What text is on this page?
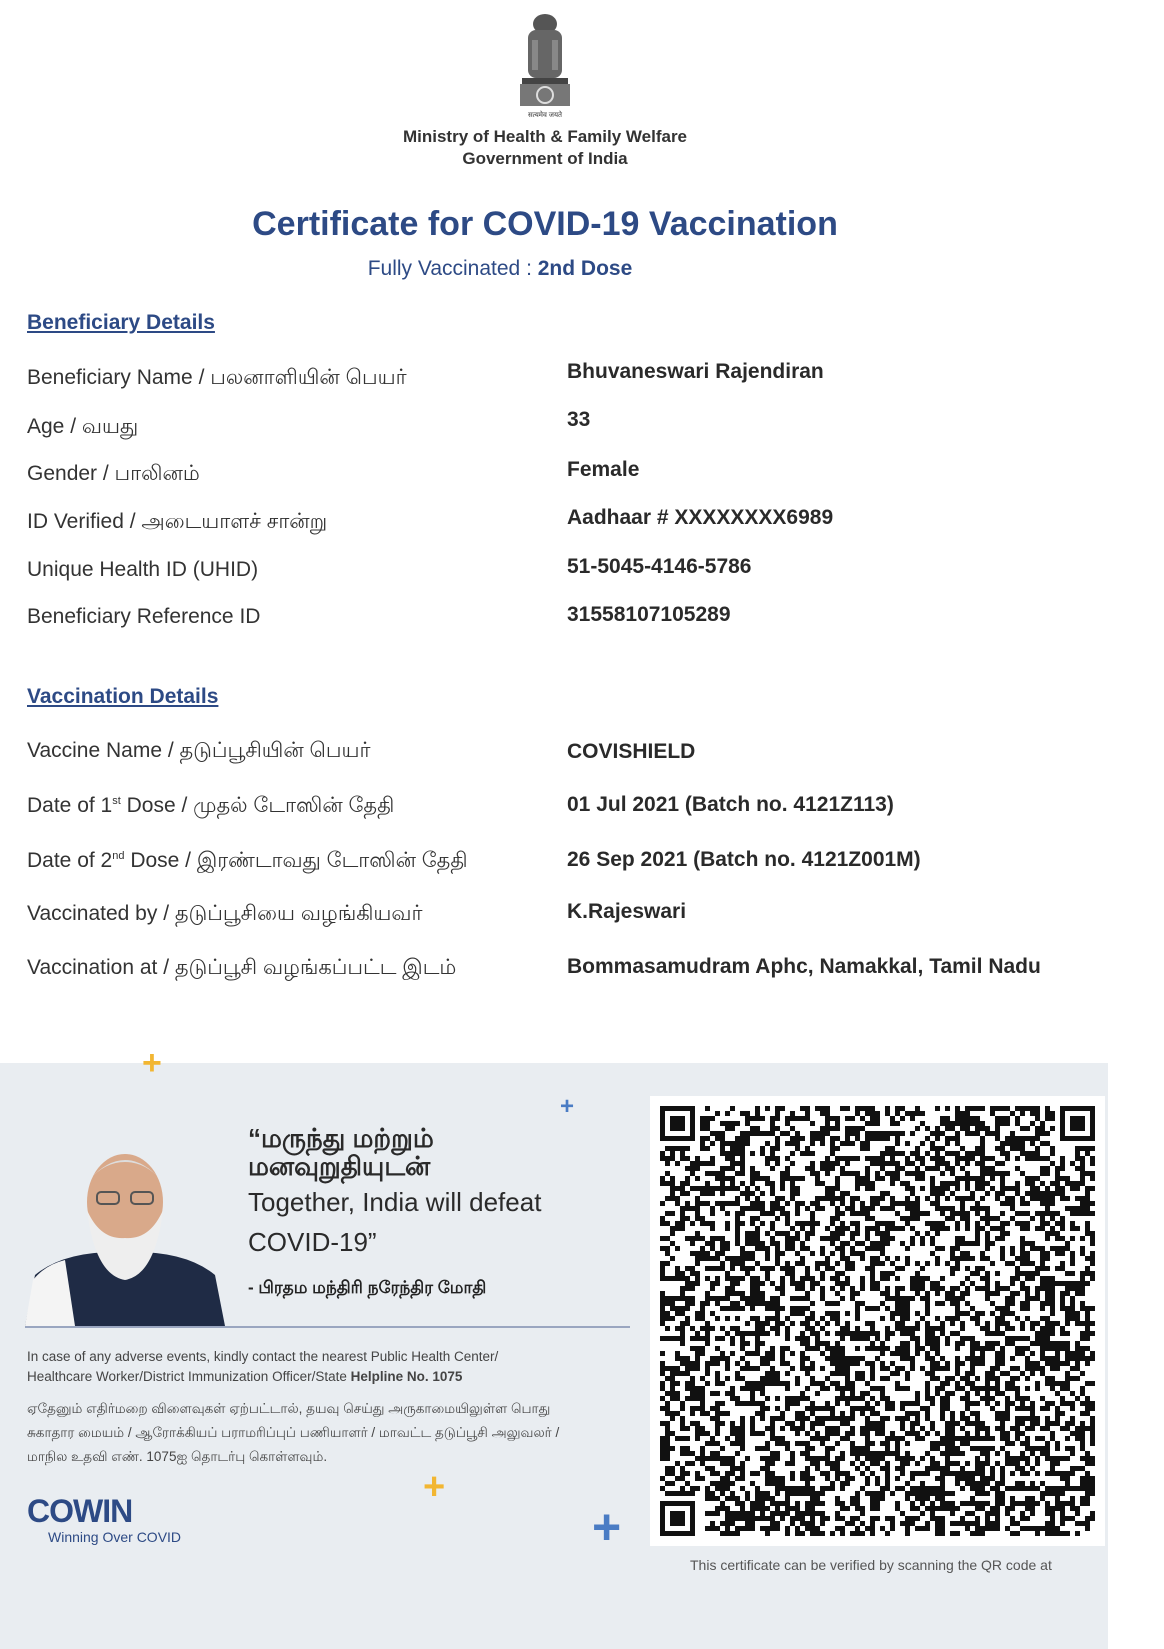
सत्यमेव जयते
Ministry of Health & Family Welfare
Government of India
Certificate for COVID-19 Vaccination
Fully Vaccinated : 2nd Dose
Beneficiary Details
Beneficiary Name / பலனாளியின் பெயர்	Bhuvaneswari Rajendiran
Age / வயது	33
Gender / பாலினம்	Female
ID Verified / அடையாளச் சான்று	Aadhaar # XXXXXXXX6989
Unique Health ID (UHID)	51-5045-4146-5786
Beneficiary Reference ID	31558107105289
Vaccination Details
Vaccine Name / தடுப்பூசியின் பெயர்	COVISHIELD
Date of 1st Dose / முதல் டோஸின் தேதி	01 Jul 2021 (Batch no. 4121Z113)
Date of 2nd Dose / இரண்டாவது டோஸின் தேதி	26 Sep 2021 (Batch no. 4121Z001M)
Vaccinated by / தடுப்பூசியை வழங்கியவர்	K.Rajeswari
Vaccination at / தடுப்பூசி வழங்கப்பட்ட இடம்	Bommasamudram Aphc, Namakkal, Tamil Nadu
+
+
+
+
“மருந்து மற்றும்
மனவுறுதியுடன்
Together, India will defeat
COVID-19”
- பிரதம மந்திரி நரேந்திர மோதி
In case of any adverse events, kindly contact the nearest Public Health Center/
Healthcare Worker/District Immunization Officer/State Helpline No. 1075
ஏதேனும் எதிர்மறை விளைவுகள் ஏற்பட்டால், தயவு செய்து அருகாமையிலுள்ள பொது
சுகாதார மையம் / ஆரோக்கியப் பராமரிப்புப் பணியாளர் / மாவட்ட தடுப்பூசி அலுவலர் /
மாநில உதவி எண். 1075ஐ தொடர்பு கொள்ளவும்.
COWIN
Winning Over COVID
This certificate can be verified by scanning the QR code at
